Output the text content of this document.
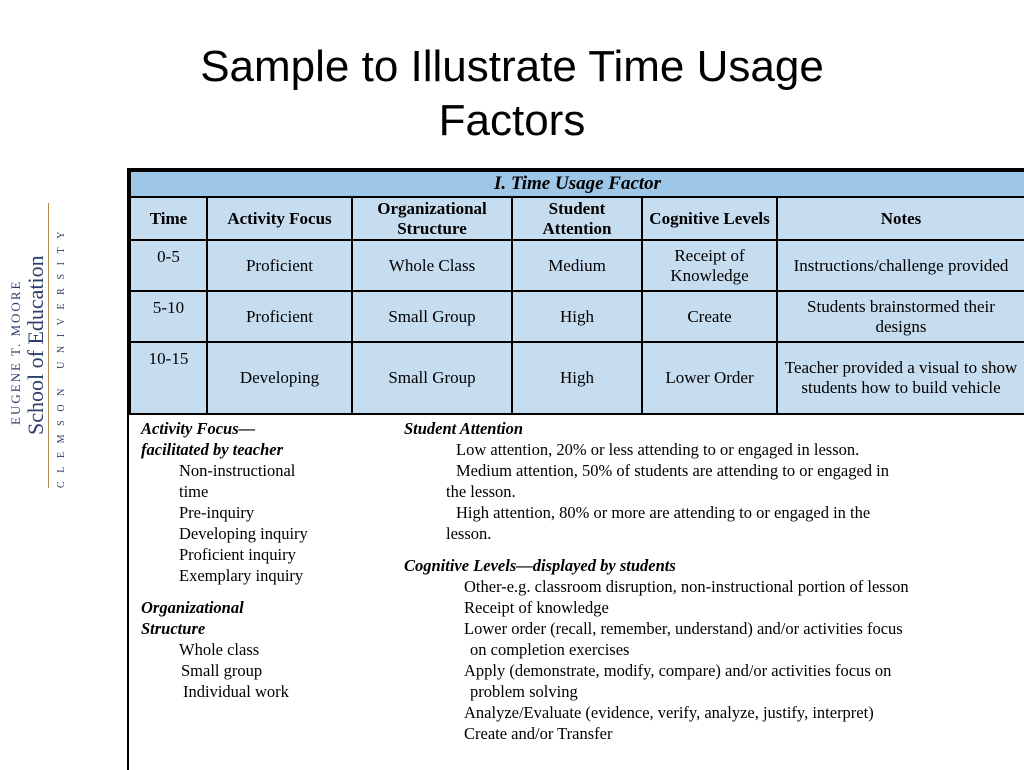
Sample to Illustrate Time Usage
Factors
EUGENE T. MOORE School of Education CLEMSON UNIVERSITY
I. Time Usage Factor					
Time	Activity Focus	Organizational Structure	Student Attention	Cognitive Levels	Notes
0-5	Proficient	Whole Class	Medium	Receipt of Knowledge	Instructions/challenge provided
5-10	Proficient	Small Group	High	Create	Students brainstormed their designs
10-15	Developing	Small Group	High	Lower Order	Teacher provided a visual to show students how to build vehicle
Activity Focus—
facilitated by teacher
Non-instructional
time
Pre-inquiry
Developing inquiry
Proficient inquiry
Exemplary inquiry
Organizational
Structure
Whole class
Small group
Individual work
Student Attention
Low attention, 20% or less attending to or engaged in lesson.
Medium attention, 50% of students are attending to or engaged in
the lesson.
High attention, 80% or more are attending to or engaged in the
lesson.
Cognitive Levels—displayed by students
Other-e.g. classroom disruption, non-instructional portion of lesson
Receipt of knowledge
Lower order (recall, remember, understand) and/or activities focus
on completion exercises
Apply (demonstrate, modify, compare) and/or activities focus on
problem solving
Analyze/Evaluate (evidence, verify, analyze, justify, interpret)
Create and/or Transfer
